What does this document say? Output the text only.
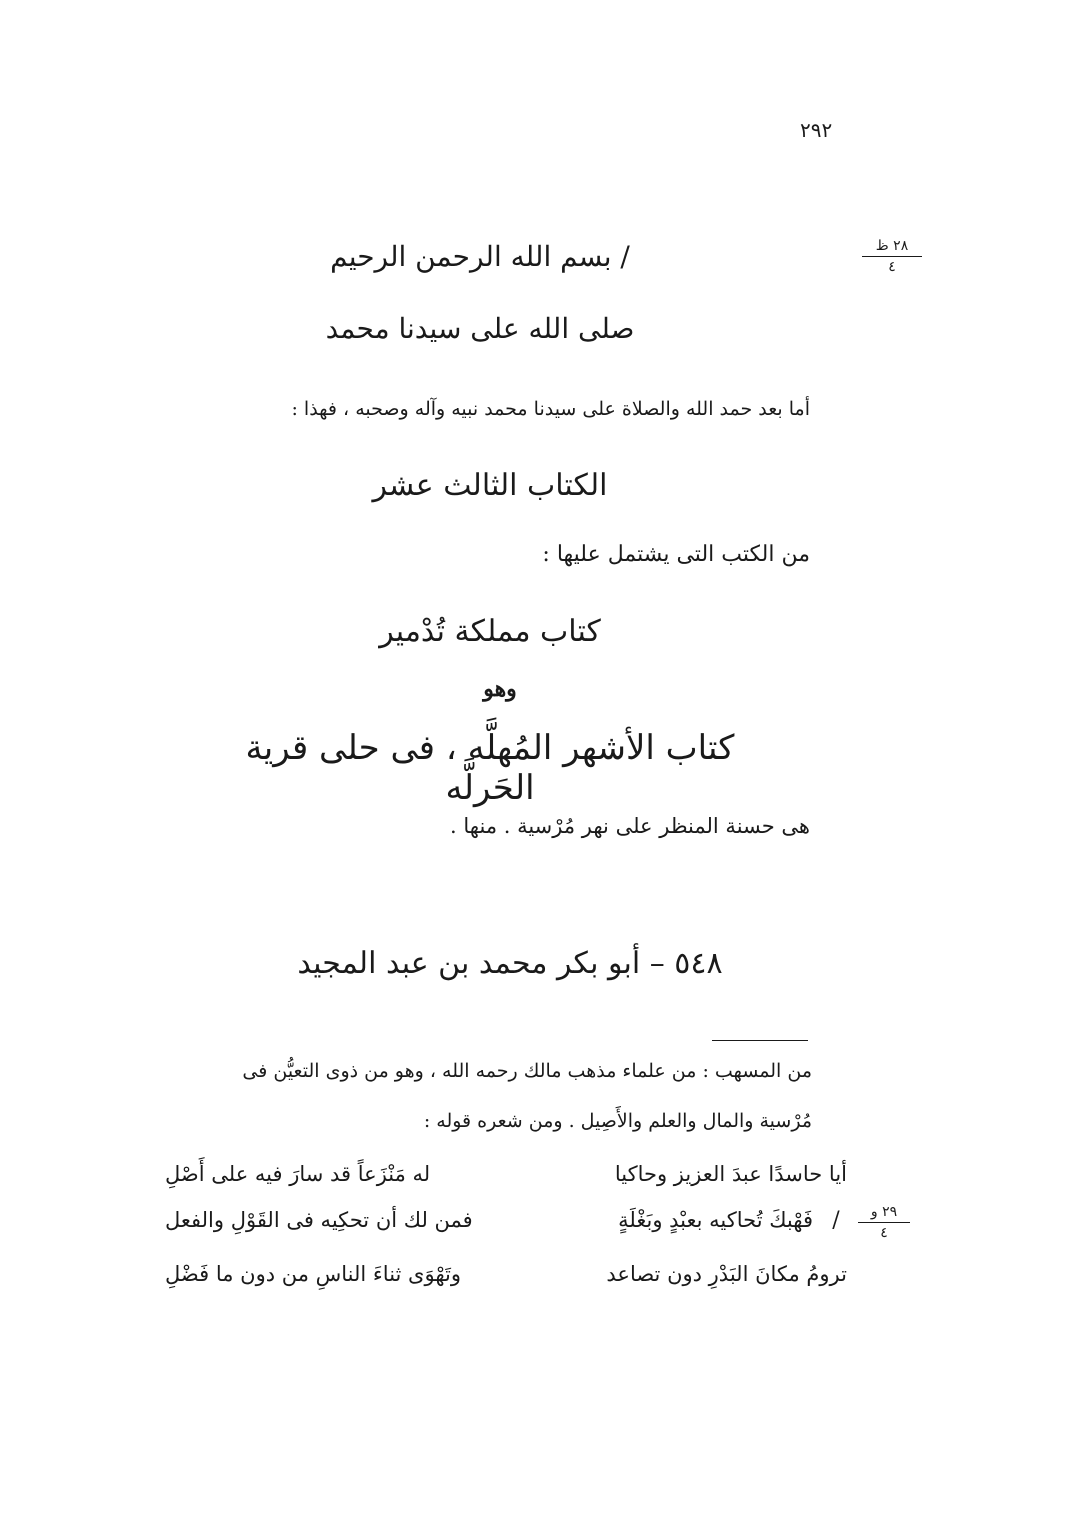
٢٩٢
٢٨ ظ
٤
/ بسم الله الرحمن الرحيم
صلى الله على سيدنا محمد
أما بعد حمد الله والصلاة على سيدنا محمد نبيه وآله وصحبه ، فهذا :
الكتاب الثالث عشر
من الكتب التى يشتمل عليها :
كتاب مملكة تُدْمير
وهو
كتاب الأشهر المُهلَّه ، فى حلى قرية الحَرلَّه
هى حسنة المنظر على نهر مُرْسية . منها .
٥٤٨ – أبو بكر محمد بن عبد المجيد
من المسهب : من علماء مذهب مالك رحمه الله ، وهو من ذوى التعيُّن فى
مُرْسية والمال والعلم والأَصِيل . ومن شعره قوله :
أيا حاسدًا عبدَ العزيز وحاكيا
له مَنْزَعاً قد سارَ فيه على أَصْلِ
/	٢٩ و
٤
فَهْبكَ تُحاكيه بعبْدٍ وبَغْلَةٍ
فمن لك أن تحكِيه فى القَوْلِ والفعل
ترومُ مكانَ البَدْرِ دون تصاعد
وتَهْوَى ثناءَ الناسِ من دون ما فَضْلِ
